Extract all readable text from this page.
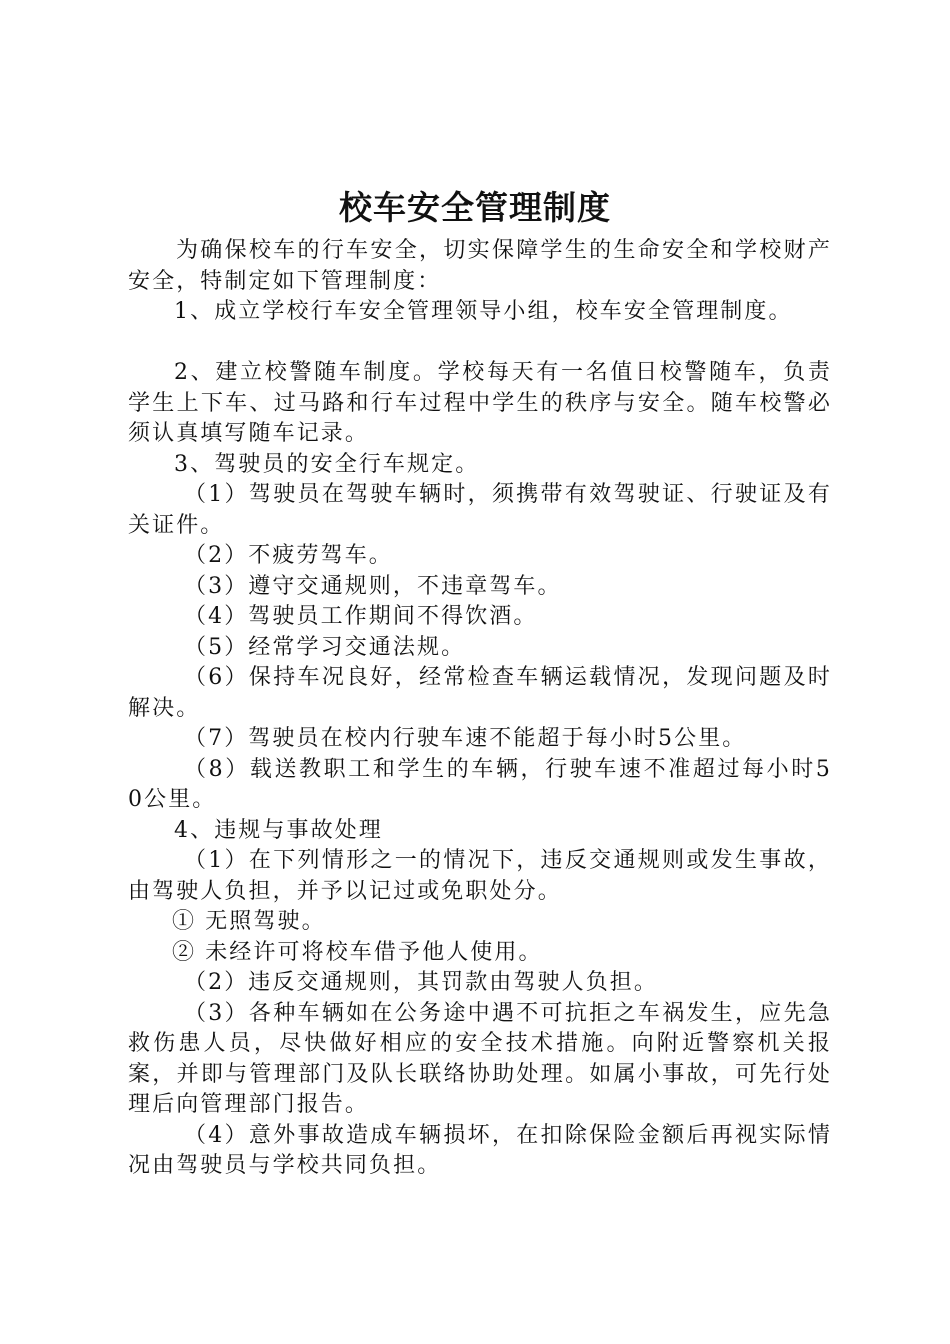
校车安全管理制度

为确保校车的行车安全，切实保障学生的生命安全和学校财产安全，特制定如下管理制度：

1、成立学校行车安全管理领导小组，校车安全管理制度。

2、建立校警随车制度。学校每天有一名值日校警随车，负责学生上下车、过马路和行车过程中学生的秩序与安全。随车校警必须认真填写随车记录。

3、驾驶员的安全行车规定。

（1）驾驶员在驾驶车辆时，须携带有效驾驶证、行驶证及有关证件。

（2）不疲劳驾车。

（3）遵守交通规则，不违章驾车。

（4）驾驶员工作期间不得饮酒。

（5）经常学习交通法规。

（6）保持车况良好，经常检查车辆运载情况，发现问题及时解决。

（7）驾驶员在校内行驶车速不能超于每小时5公里。

（8）载送教职工和学生的车辆，行驶车速不准超过每小时50公里。

4、违规与事故处理

（1）在下列情形之一的情况下，违反交通规则或发生事故，由驾驶人负担，并予以记过或免职处分。

① 无照驾驶。

② 未经许可将校车借予他人使用。

（2）违反交通规则，其罚款由驾驶人负担。

（3）各种车辆如在公务途中遇不可抗拒之车祸发生，应先急救伤患人员，尽快做好相应的安全技术措施。向附近警察机关报案，并即与管理部门及队长联络协助处理。如属小事故，可先行处理后向管理部门报告。

（4）意外事故造成车辆损坏，在扣除保险金额后再视实际情况由驾驶员与学校共同负担。
